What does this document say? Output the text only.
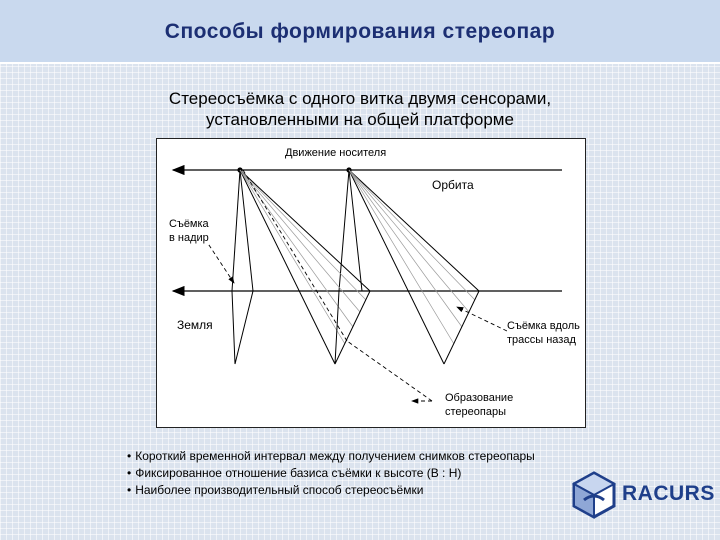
Способы формирования стереопар
Стереосъёмка с одного витка двумя сенсорами,
установленными на общей платформе
Движение носителя
Орбита
Съёмка
в надир
Земля	Съёмка вдоль
трассы назад
Образование
стереопары
• Короткий временной интервал между получением снимков стереопары
• Фиксированное отношение базиса съёмки к высоте (B : H)
• Наиболее производительный способ стереосъёмки	RACURS
